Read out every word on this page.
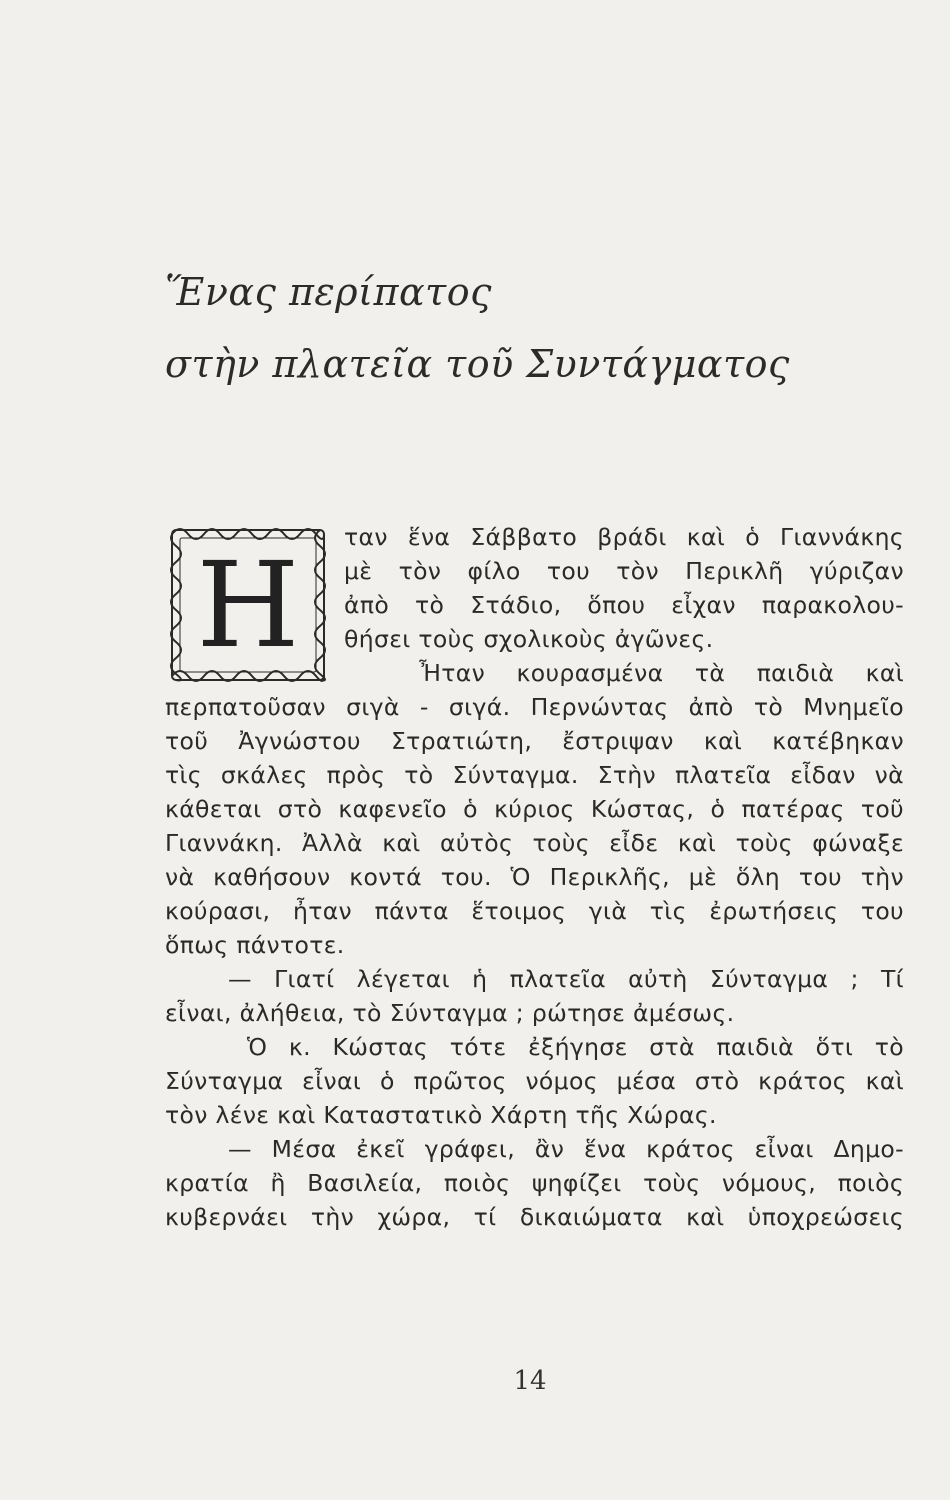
Ἕνας περίπατος
στὴν πλατεῖα τοῦ Συντάγματος
Η	ταν ἕνα Σάββατο βράδι καὶ ὁ Γιαννάκης
μὲ τὸν φίλο του τὸν Περικλῆ γύριζαν
ἀπὸ τὸ Στάδιο, ὅπου εἶχαν παρακολου-
θήσει τοὺς σχολικοὺς ἀγῶνες.
Ἦταν κουρασμένα τὰ παιδιὰ καὶ
περπατοῦσαν σιγὰ - σιγά. Περνώντας ἀπὸ τὸ Μνημεῖο
τοῦ Ἀγνώστου Στρατιώτη, ἔστριψαν καὶ κατέβηκαν
τὶς σκάλες πρὸς τὸ Σύνταγμα. Στὴν πλατεῖα εἶδαν νὰ
κάθεται στὸ καφενεῖο ὁ κύριος Κώστας, ὁ πατέρας τοῦ
Γιαννάκη. Ἀλλὰ καὶ αὐτὸς τοὺς εἶδε καὶ τοὺς φώναξε
νὰ καθήσουν κοντά του. Ὁ Περικλῆς, μὲ ὅλη του τὴν
κούρασι, ἦταν πάντα ἕτοιμος γιὰ τὶς ἐρωτήσεις του
ὅπως πάντοτε.
— Γιατί λέγεται ἡ πλατεῖα αὐτὴ Σύνταγμα ; Τί
εἶναι, ἀλήθεια, τὸ Σύνταγμα ; ρώτησε ἀμέσως.
Ὁ κ. Κώστας τότε ἐξήγησε στὰ παιδιὰ ὅτι τὸ
Σύνταγμα εἶναι ὁ πρῶτος νόμος μέσα στὸ κράτος καὶ
τὸν λένε καὶ Καταστατικὸ Χάρτη τῆς Χώρας.
— Μέσα ἐκεῖ γράφει, ἂν ἕνα κράτος εἶναι Δημο-
κρατία ἢ Βασιλεία, ποιὸς ψηφίζει τοὺς νόμους, ποιὸς
κυβερνάει τὴν χώρα, τί δικαιώματα καὶ ὑποχρεώσεις
14
